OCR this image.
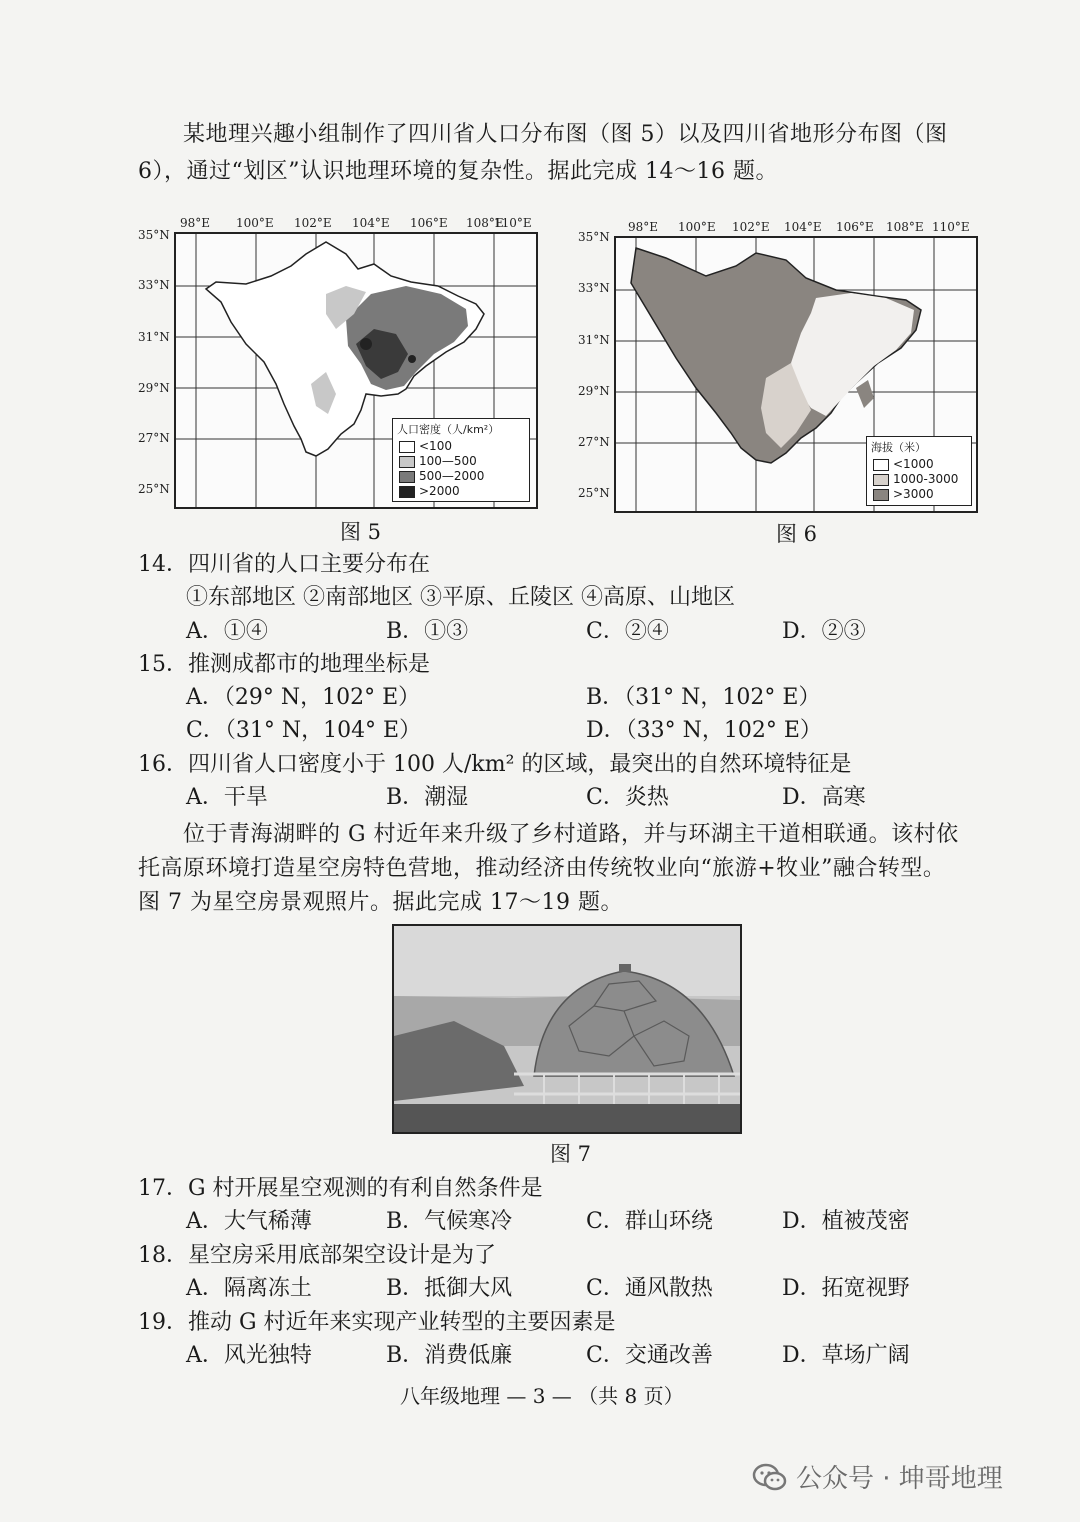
某地理兴趣小组制作了四川省人口分布图（图 5）以及四川省地形分布图（图
6），通过“划区”认识地理环境的复杂性。据此完成 14～16 题。
98°E 100°E 102°E 104°E 106°E 108°E
110°E
35°N
33°N
31°N
29°N
27°N
25°N
人口密度（人/km²）
<100
100—500
500—2000
>2000
图 5
98°E 100°E 102°E 104°E 106°E 108°E 110°E
35°N
33°N
31°N
29°N
27°N
25°N
海拔（米）
<1000
1000-3000
>3000
图 6
14．四川省的人口主要分布在
①东部地区 ②南部地区 ③平原、丘陵区 ④高原、山地区
A．①④	B．①③	C．②④	D．②③
15．推测成都市的地理坐标是
A．（29° N，102° E）	B．（31° N，102° E）
C．（31° N，104° E）	D．（33° N，102° E）
16．四川省人口密度小于 100 人/km² 的区域，最突出的自然环境特征是
A．干旱	B．潮湿	C．炎热	D．高寒
位于青海湖畔的 G 村近年来升级了乡村道路，并与环湖主干道相联通。该村依
托高原环境打造星空房特色营地，推动经济由传统牧业向“旅游+牧业”融合转型。
图 7 为星空房景观照片。据此完成 17～19 题。
图 7
17．G 村开展星空观测的有利自然条件是
A．大气稀薄	B．气候寒冷	C．群山环绕	D．植被茂密
18．星空房采用底部架空设计是为了
A．隔离冻土	B．抵御大风	C．通风散热	D．拓宽视野
19．推动 G 村近年来实现产业转型的主要因素是
A．风光独特	B．消费低廉	C．交通改善	D．草场广阔
八年级地理 — 3 — （共 8 页）
公众号 · 坤哥地理
